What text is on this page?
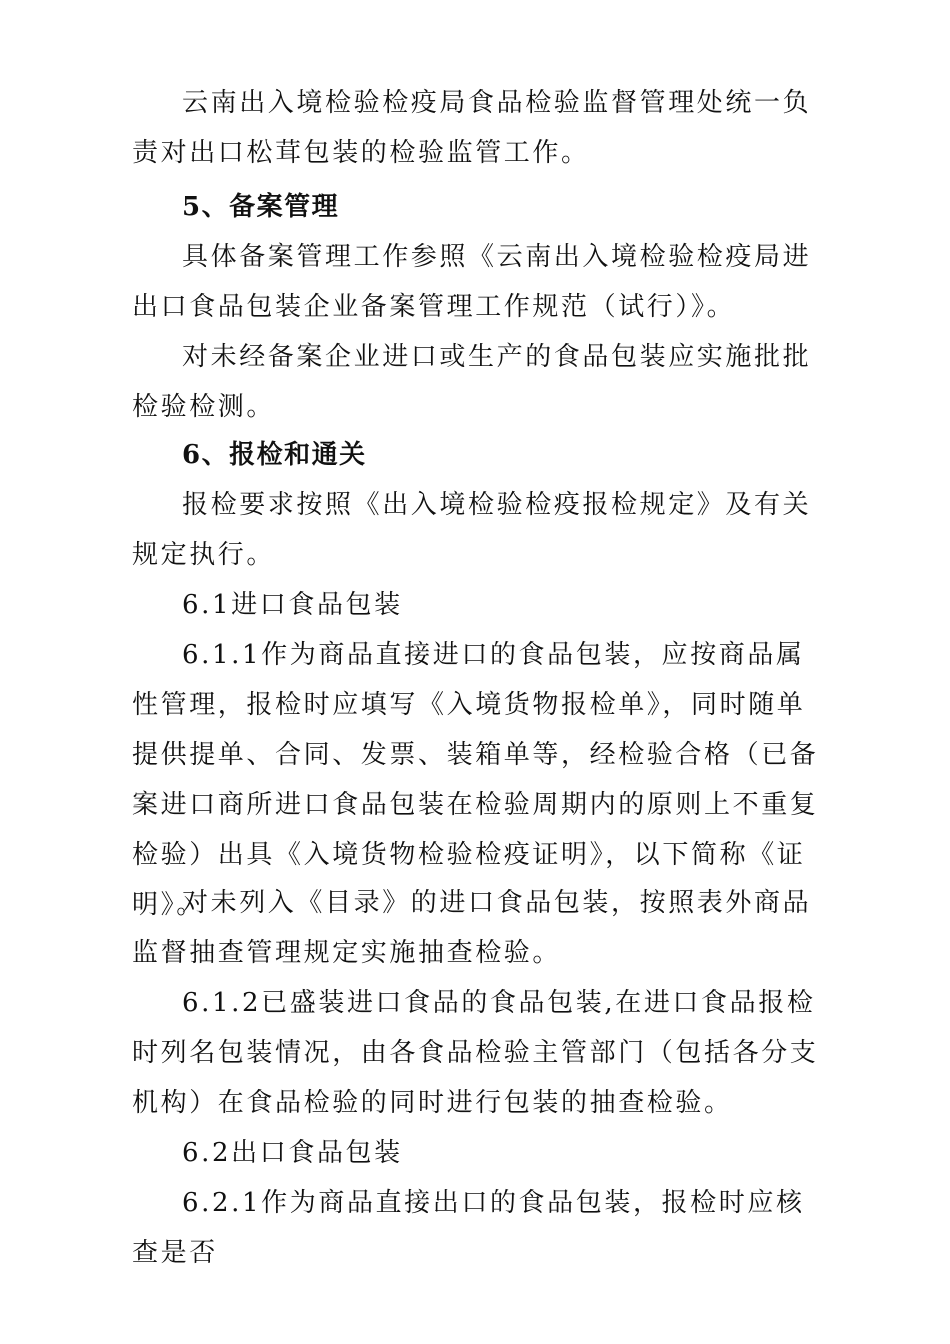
云南出入境检验检疫局食品检验监督管理处统一负责对出口松茸包装的检验监管工作。

5、备案管理

具体备案管理工作参照《云南出入境检验检疫局进出口食品包装企业备案管理工作规范（试行）》。

对未经备案企业进口或生产的食品包装应实施批批检验检测。

6、报检和通关

报检要求按照《出入境检验检疫报检规定》及有关规定执行。

6.1进口食品包装

6.1.1作为商品直接进口的食品包装，应按商品属性管理，报检时应填写《入境货物报检单》，同时随单提供提单、合同、发票、装箱单等，经检验合格（已备案进口商所进口食品包装在检验周期内的原则上不重复检验）出具《入境货物检验检疫证明》，以下简称《证明》。

对未列入《目录》的进口食品包装，按照表外商品监督抽查管理规定实施抽查检验。

6.1.2已盛装进口食品的食品包装,在进口食品报检时列名包装情况，由各食品检验主管部门（包括各分支机构）在食品检验的同时进行包装的抽查检验。

6.2出口食品包装

6.2.1作为商品直接出口的食品包装，报检时应核查是否
